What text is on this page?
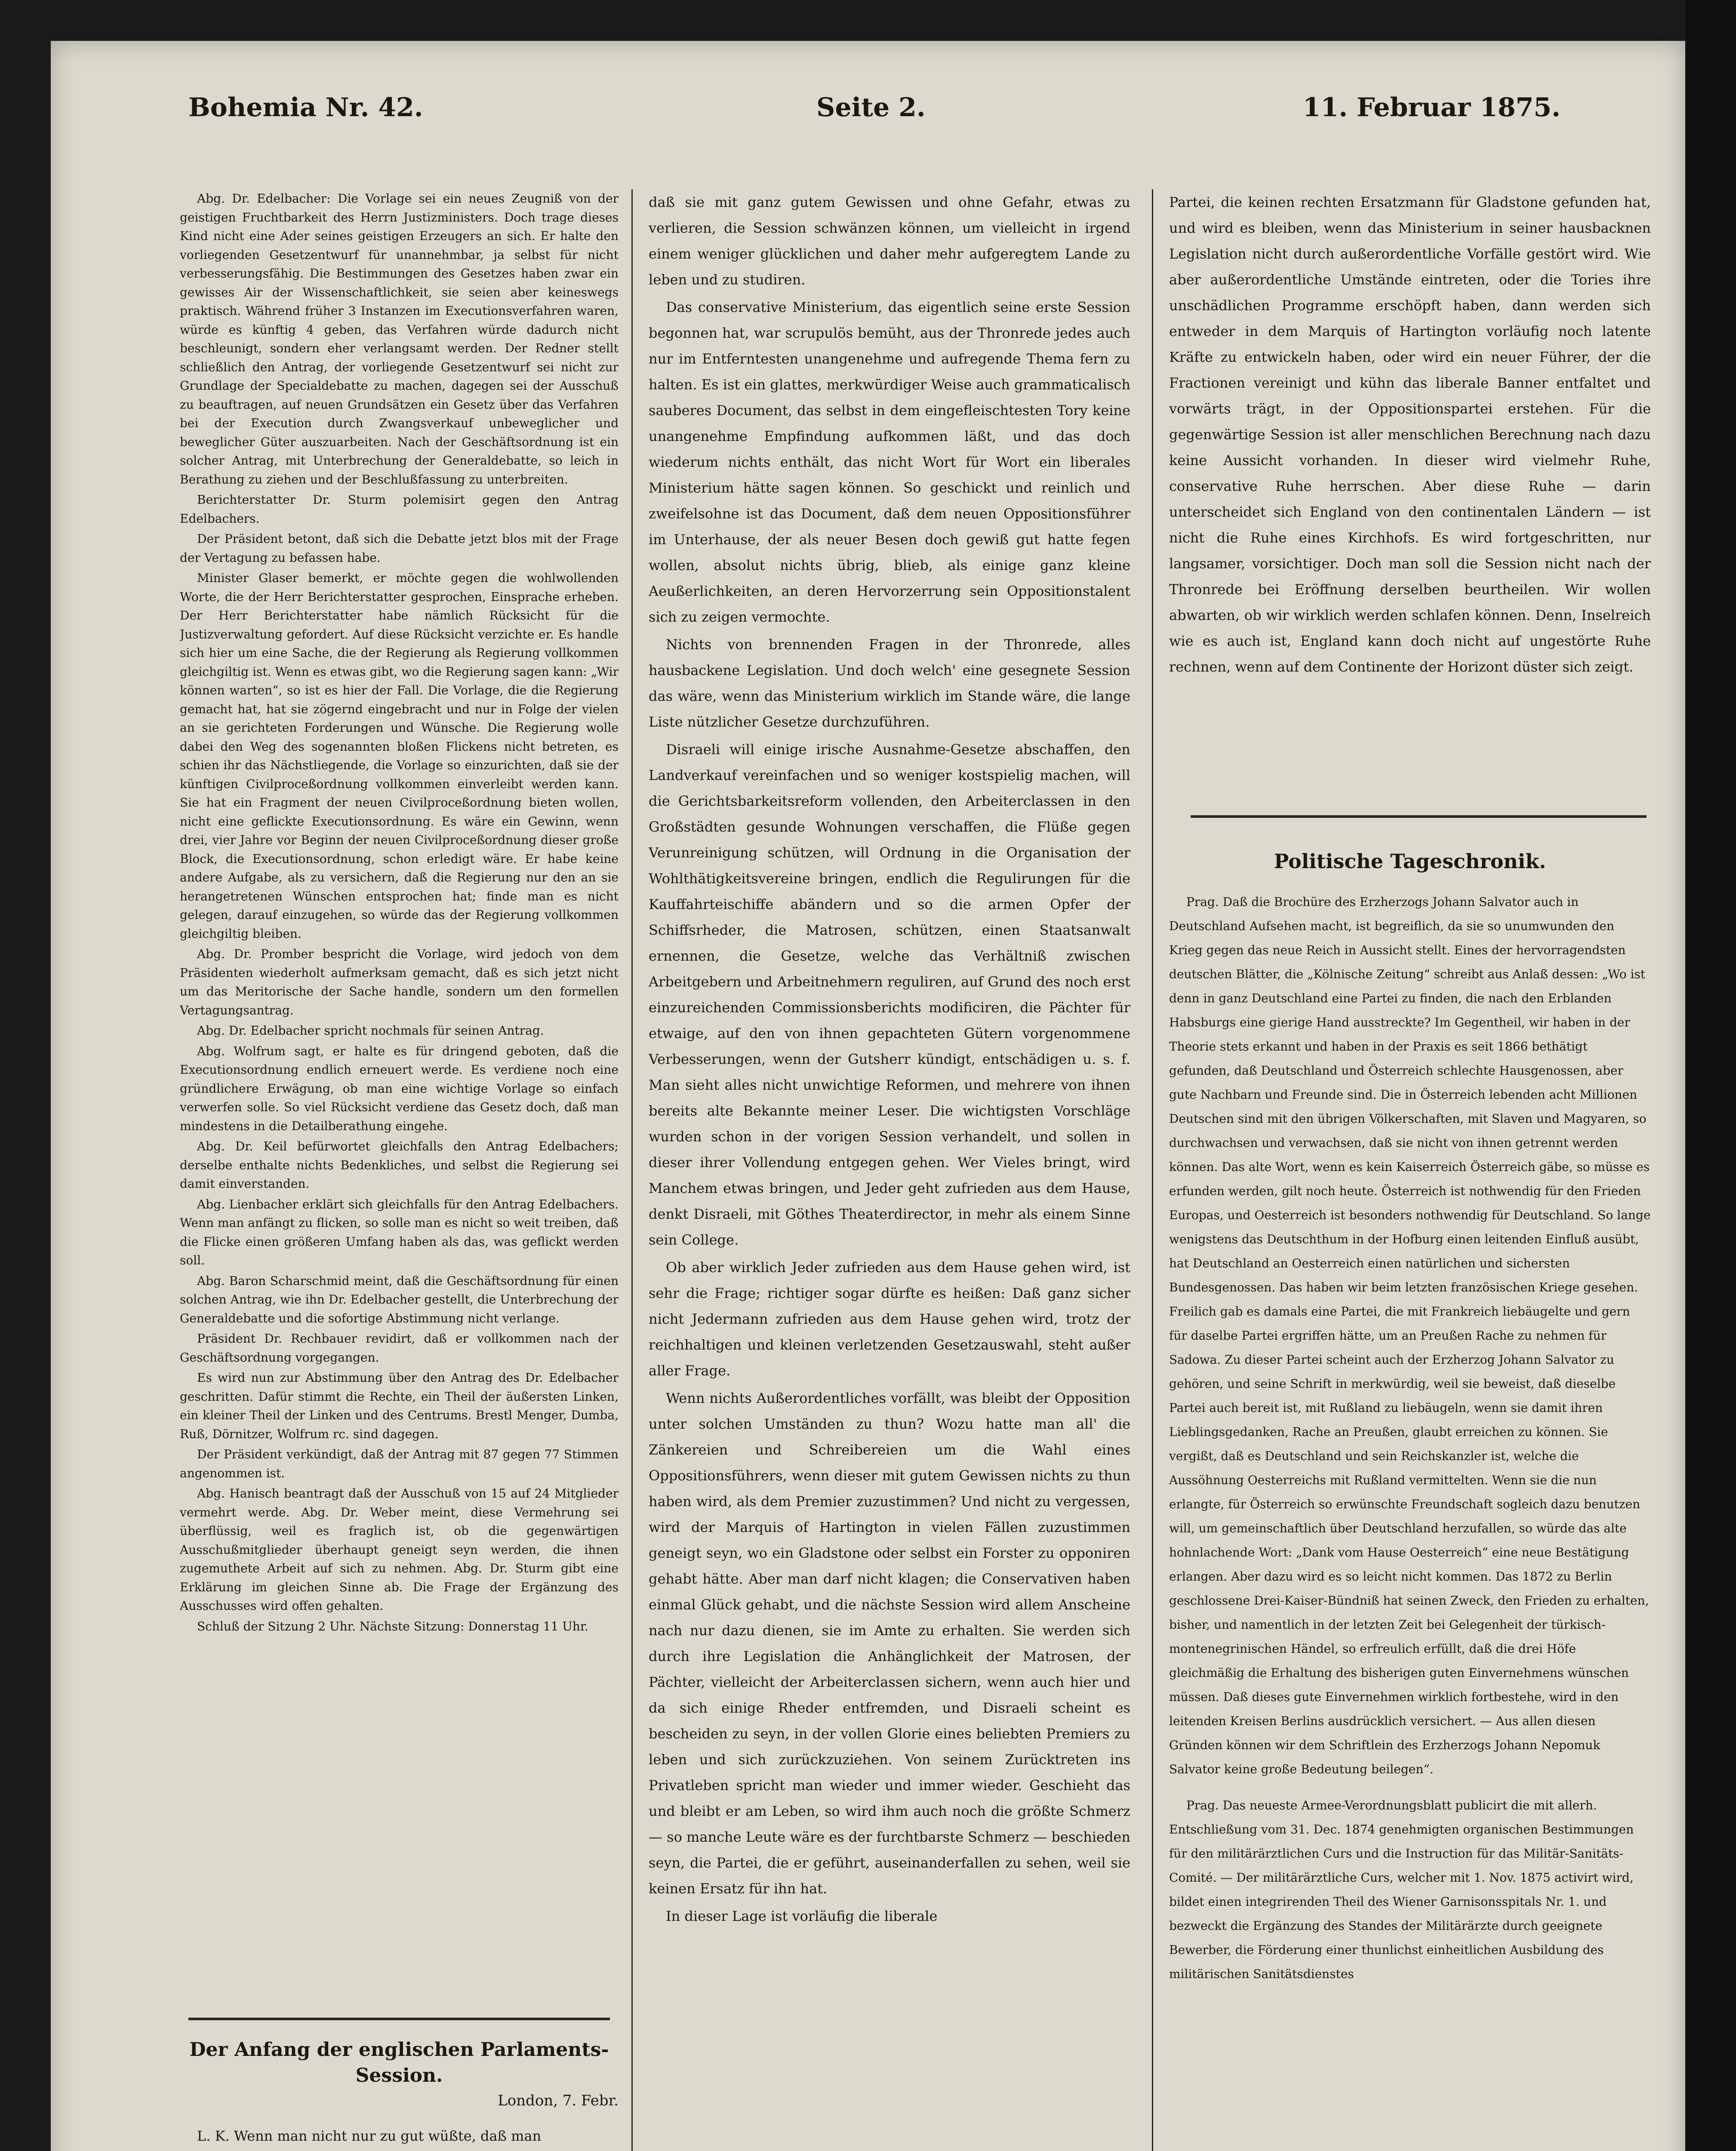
Bohemia Nr. 42.	Seite 2.	11. Februar 1875.

Abg. Dr. Edelbacher: Die Vorlage sei ein neues Zeugniß von der geistigen Fruchtbarkeit des Herrn Justizministers. Doch trage dieses Kind nicht eine Ader seines geistigen Erzeugers an sich. Er halte den vorliegenden Gesetzentwurf für unannehmbar, ja selbst für nicht verbesserungsfähig. Die Bestimmungen des Gesetzes haben zwar ein gewisses Air der Wissenschaftlichkeit, sie seien aber keineswegs praktisch. Während früher 3 Instanzen im Executionsverfahren waren, würde es künftig 4 geben, das Verfahren würde dadurch nicht beschleunigt, sondern eher verlangsamt werden. Der Redner stellt schließlich den Antrag, der vorliegende Gesetzentwurf sei nicht zur Grundlage der Specialdebatte zu machen, dagegen sei der Ausschuß zu beauftragen, auf neuen Grundsätzen ein Gesetz über das Verfahren bei der Execution durch Zwangsverkauf unbeweglicher und beweglicher Güter auszuarbeiten. Nach der Geschäftsordnung ist ein solcher Antrag, mit Unterbrechung der Generaldebatte, so leich in Berathung zu ziehen und der Beschlußfassung zu unterbreiten.

Berichterstatter Dr. Sturm polemisirt gegen den Antrag Edelbachers.

Der Präsident betont, daß sich die Debatte jetzt blos mit der Frage der Vertagung zu befassen habe.

Minister Glaser bemerkt, er möchte gegen die wohlwollenden Worte, die der Herr Berichterstatter gesprochen, Einsprache erheben. Der Herr Berichterstatter habe nämlich Rücksicht für die Justizverwaltung gefordert. Auf diese Rücksicht verzichte er. Es handle sich hier um eine Sache, die der Regierung als Regierung vollkommen gleichgiltig ist. Wenn es etwas gibt, wo die Regierung sagen kann: „Wir können warten“, so ist es hier der Fall. Die Vorlage, die die Regierung gemacht hat, hat sie zögernd eingebracht und nur in Folge der vielen an sie gerichteten Forderungen und Wünsche. Die Regierung wolle dabei den Weg des sogenannten bloßen Flickens nicht betreten, es schien ihr das Nächstliegende, die Vorlage so einzurichten, daß sie der künftigen Civilproceßordnung vollkommen einverleibt werden kann. Sie hat ein Fragment der neuen Civilproceßordnung bieten wollen, nicht eine geflickte Executionsordnung. Es wäre ein Gewinn, wenn drei, vier Jahre vor Beginn der neuen Civilproceßordnung dieser große Block, die Executionsordnung, schon erledigt wäre. Er habe keine andere Aufgabe, als zu versichern, daß die Regierung nur den an sie herangetretenen Wünschen entsprochen hat; finde man es nicht gelegen, darauf einzugehen, so würde das der Regierung vollkommen gleichgiltig bleiben.

Abg. Dr. Promber bespricht die Vorlage, wird jedoch von dem Präsidenten wiederholt aufmerksam gemacht, daß es sich jetzt nicht um das Meritorische der Sache handle, sondern um den formellen Vertagungsantrag.

Abg. Dr. Edelbacher spricht nochmals für seinen Antrag.

Abg. Wolfrum sagt, er halte es für dringend geboten, daß die Executionsordnung endlich erneuert werde. Es verdiene noch eine gründlichere Erwägung, ob man eine wichtige Vorlage so einfach verwerfen solle. So viel Rücksicht verdiene das Gesetz doch, daß man mindestens in die Detailberathung eingehe.

Abg. Dr. Keil befürwortet gleichfalls den Antrag Edelbachers; derselbe enthalte nichts Bedenkliches, und selbst die Regierung sei damit einverstanden.

Abg. Lienbacher erklärt sich gleichfalls für den Antrag Edelbachers. Wenn man anfängt zu flicken, so solle man es nicht so weit treiben, daß die Flicke einen größeren Umfang haben als das, was geflickt werden soll.

Abg. Baron Scharschmid meint, daß die Geschäftsordnung für einen solchen Antrag, wie ihn Dr. Edelbacher gestellt, die Unterbrechung der Generaldebatte und die sofortige Abstimmung nicht verlange.

Präsident Dr. Rechbauer revidirt, daß er vollkommen nach der Geschäftsordnung vorgegangen.

Es wird nun zur Abstimmung über den Antrag des Dr. Edelbacher geschritten. Dafür stimmt die Rechte, ein Theil der äußersten Linken, ein kleiner Theil der Linken und des Centrums. Brestl Menger, Dumba, Ruß, Dörnitzer, Wolfrum rc. sind dagegen.

Der Präsident verkündigt, daß der Antrag mit 87 gegen 77 Stimmen angenommen ist.

Abg. Hanisch beantragt daß der Ausschuß von 15 auf 24 Mitglieder vermehrt werde. Abg. Dr. Weber meint, diese Vermehrung sei überflüssig, weil es fraglich ist, ob die gegenwärtigen Ausschußmitglieder überhaupt geneigt seyn werden, die ihnen zugemuthete Arbeit auf sich zu nehmen. Abg. Dr. Sturm gibt eine Erklärung im gleichen Sinne ab. Die Frage der Ergänzung des Ausschusses wird offen gehalten.

Schluß der Sitzung 2 Uhr. Nächste Sitzung: Donnerstag 11 Uhr.

Der Anfang der englischen Parlaments-Session.

London, 7. Febr.

L. K. Wenn man nicht nur zu gut wüßte, daß man

daß sie mit ganz gutem Gewissen und ohne Gefahr, etwas zu verlieren, die Session schwänzen können, um vielleicht in irgend einem weniger glücklichen und daher mehr aufgeregtem Lande zu leben und zu studiren.

Das conservative Ministerium, das eigentlich seine erste Session begonnen hat, war scrupulös bemüht, aus der Thronrede jedes auch nur im Entferntesten unangenehme und aufregende Thema fern zu halten. Es ist ein glattes, merkwürdiger Weise auch grammaticalisch sauberes Document, das selbst in dem eingefleischtesten Tory keine unangenehme Empfindung aufkommen läßt, und das doch wiederum nichts enthält, das nicht Wort für Wort ein liberales Ministerium hätte sagen können. So geschickt und reinlich und zweifelsohne ist das Document, daß dem neuen Oppositionsführer im Unterhause, der als neuer Besen doch gewiß gut hatte fegen wollen, absolut nichts übrig, blieb, als einige ganz kleine Aeußerlichkeiten, an deren Hervorzerrung sein Oppositionstalent sich zu zeigen vermochte.

Nichts von brennenden Fragen in der Thronrede, alles hausbackene Legislation. Und doch welch' eine gesegnete Session das wäre, wenn das Ministerium wirklich im Stande wäre, die lange Liste nützlicher Gesetze durchzuführen.

Disraeli will einige irische Ausnahme-Gesetze abschaffen, den Landverkauf vereinfachen und so weniger kostspielig machen, will die Gerichtsbarkeitsreform vollenden, den Arbeiterclassen in den Großstädten gesunde Wohnungen verschaffen, die Flüße gegen Verunreinigung schützen, will Ordnung in die Organisation der Wohlthätigkeitsvereine bringen, endlich die Regulirungen für die Kauffahrteischiffe abändern und so die armen Opfer der Schiffsrheder, die Matrosen, schützen, einen Staatsanwalt ernennen, die Gesetze, welche das Verhältniß zwischen Arbeitgebern und Arbeitnehmern reguliren, auf Grund des noch erst einzureichenden Commissionsberichts modificiren, die Pächter für etwaige, auf den von ihnen gepachteten Gütern vorgenommene Verbesserungen, wenn der Gutsherr kündigt, entschädigen u. s. f. Man sieht alles nicht unwichtige Reformen, und mehrere von ihnen bereits alte Bekannte meiner Leser. Die wichtigsten Vorschläge wurden schon in der vorigen Session verhandelt, und sollen in dieser ihrer Vollendung entgegen gehen. Wer Vieles bringt, wird Manchem etwas bringen, und Jeder geht zufrieden aus dem Hause, denkt Disraeli, mit Göthes Theaterdirector, in mehr als einem Sinne sein College.

Ob aber wirklich Jeder zufrieden aus dem Hause gehen wird, ist sehr die Frage; richtiger sogar dürfte es heißen: Daß ganz sicher nicht Jedermann zufrieden aus dem Hause gehen wird, trotz der reichhaltigen und kleinen verletzenden Gesetzauswahl, steht außer aller Frage.

Wenn nichts Außerordentliches vorfällt, was bleibt der Opposition unter solchen Umständen zu thun? Wozu hatte man all' die Zänkereien und Schreibereien um die Wahl eines Oppositionsführers, wenn dieser mit gutem Gewissen nichts zu thun haben wird, als dem Premier zuzustimmen? Und nicht zu vergessen, wird der Marquis of Hartington in vielen Fällen zuzustimmen geneigt seyn, wo ein Gladstone oder selbst ein Forster zu opponiren gehabt hätte. Aber man darf nicht klagen; die Conservativen haben einmal Glück gehabt, und die nächste Session wird allem Anscheine nach nur dazu dienen, sie im Amte zu erhalten. Sie werden sich durch ihre Legislation die Anhänglichkeit der Matrosen, der Pächter, vielleicht der Arbeiterclassen sichern, wenn auch hier und da sich einige Rheder entfremden, und Disraeli scheint es bescheiden zu seyn, in der vollen Glorie eines beliebten Premiers zu leben und sich zurückzuziehen. Von seinem Zurücktreten ins Privatleben spricht man wieder und immer wieder. Geschieht das und bleibt er am Leben, so wird ihm auch noch die größte Schmerz — so manche Leute wäre es der furchtbarste Schmerz — beschieden seyn, die Partei, die er geführt, auseinanderfallen zu sehen, weil sie keinen Ersatz für ihn hat.

In dieser Lage ist vorläufig die liberale

Partei, die keinen rechten Ersatzmann für Gladstone gefunden hat, und wird es bleiben, wenn das Ministerium in seiner hausbacknen Legislation nicht durch außerordentliche Vorfälle gestört wird. Wie aber außerordentliche Umstände eintreten, oder die Tories ihre unschädlichen Programme erschöpft haben, dann werden sich entweder in dem Marquis of Hartington vorläufig noch latente Kräfte zu entwickeln haben, oder wird ein neuer Führer, der die Fractionen vereinigt und kühn das liberale Banner entfaltet und vorwärts trägt, in der Oppositionspartei erstehen. Für die gegenwärtige Session ist aller menschlichen Berechnung nach dazu keine Aussicht vorhanden. In dieser wird vielmehr Ruhe, conservative Ruhe herrschen. Aber diese Ruhe — darin unterscheidet sich England von den continentalen Ländern — ist nicht die Ruhe eines Kirchhofs. Es wird fortgeschritten, nur langsamer, vorsichtiger. Doch man soll die Session nicht nach der Thronrede bei Eröffnung derselben beurtheilen. Wir wollen abwarten, ob wir wirklich werden schlafen können. Denn, Inselreich wie es auch ist, England kann doch nicht auf ungestörte Ruhe rechnen, wenn auf dem Continente der Horizont düster sich zeigt.

Politische Tageschronik.

Prag. Daß die Brochüre des Erzherzogs Johann Salvator auch in Deutschland Aufsehen macht, ist begreiflich, da sie so unumwunden den Krieg gegen das neue Reich in Aussicht stellt. Eines der hervorragendsten deutschen Blätter, die „Kölnische Zeitung“ schreibt aus Anlaß dessen: „Wo ist denn in ganz Deutschland eine Partei zu finden, die nach den Erblanden Habsburgs eine gierige Hand ausstreckte? Im Gegentheil, wir haben in der Theorie stets erkannt und haben in der Praxis es seit 1866 bethätigt gefunden, daß Deutschland und Österreich schlechte Hausgenossen, aber gute Nachbarn und Freunde sind. Die in Österreich lebenden acht Millionen Deutschen sind mit den übrigen Völkerschaften, mit Slaven und Magyaren, so durchwachsen und verwachsen, daß sie nicht von ihnen getrennt werden können. Das alte Wort, wenn es kein Kaiserreich Österreich gäbe, so müsse es erfunden werden, gilt noch heute. Österreich ist nothwendig für den Frieden Europas, und Oesterreich ist besonders nothwendig für Deutschland. So lange wenigstens das Deutschthum in der Hofburg einen leitenden Einfluß ausübt, hat Deutschland an Oesterreich einen natürlichen und sichersten Bundesgenossen. Das haben wir beim letzten französischen Kriege gesehen. Freilich gab es damals eine Partei, die mit Frankreich liebäugelte und gern für daselbe Partei ergriffen hätte, um an Preußen Rache zu nehmen für Sadowa. Zu dieser Partei scheint auch der Erzherzog Johann Salvator zu gehören, und seine Schrift in merkwürdig, weil sie beweist, daß dieselbe Partei auch bereit ist, mit Rußland zu liebäugeln, wenn sie damit ihren Lieblingsgedanken, Rache an Preußen, glaubt erreichen zu können. Sie vergißt, daß es Deutschland und sein Reichskanzler ist, welche die Aussöhnung Oesterreichs mit Rußland vermittelten. Wenn sie die nun erlangte, für Österreich so erwünschte Freundschaft sogleich dazu benutzen will, um gemeinschaftlich über Deutschland herzufallen, so würde das alte hohnlachende Wort: „Dank vom Hause Oesterreich“ eine neue Bestätigung erlangen. Aber dazu wird es so leicht nicht kommen. Das 1872 zu Berlin geschlossene Drei-Kaiser-Bündniß hat seinen Zweck, den Frieden zu erhalten, bisher, und namentlich in der letzten Zeit bei Gelegenheit der türkisch-montenegrinischen Händel, so erfreulich erfüllt, daß die drei Höfe gleichmäßig die Erhaltung des bisherigen guten Einvernehmens wünschen müssen. Daß dieses gute Einvernehmen wirklich fortbestehe, wird in den leitenden Kreisen Berlins ausdrücklich versichert. — Aus allen diesen Gründen können wir dem Schriftlein des Erzherzogs Johann Nepomuk Salvator keine große Bedeutung beilegen“.

Prag. Das neueste Armee-Verordnungsblatt publicirt die mit allerh. Entschließung vom 31. Dec. 1874 genehmigten organischen Bestimmungen für den militärärztlichen Curs und die Instruction für das Militär-Sanitäts-Comité. — Der militärärztliche Curs, welcher mit 1. Nov. 1875 activirt wird, bildet einen integrirenden Theil des Wiener Garnisonsspitals Nr. 1. und bezweckt die Ergänzung des Standes der Militärärzte durch geeignete Bewerber, die Förderung einer thunlichst einheitlichen Ausbildung des militärischen Sanitätsdienstes
